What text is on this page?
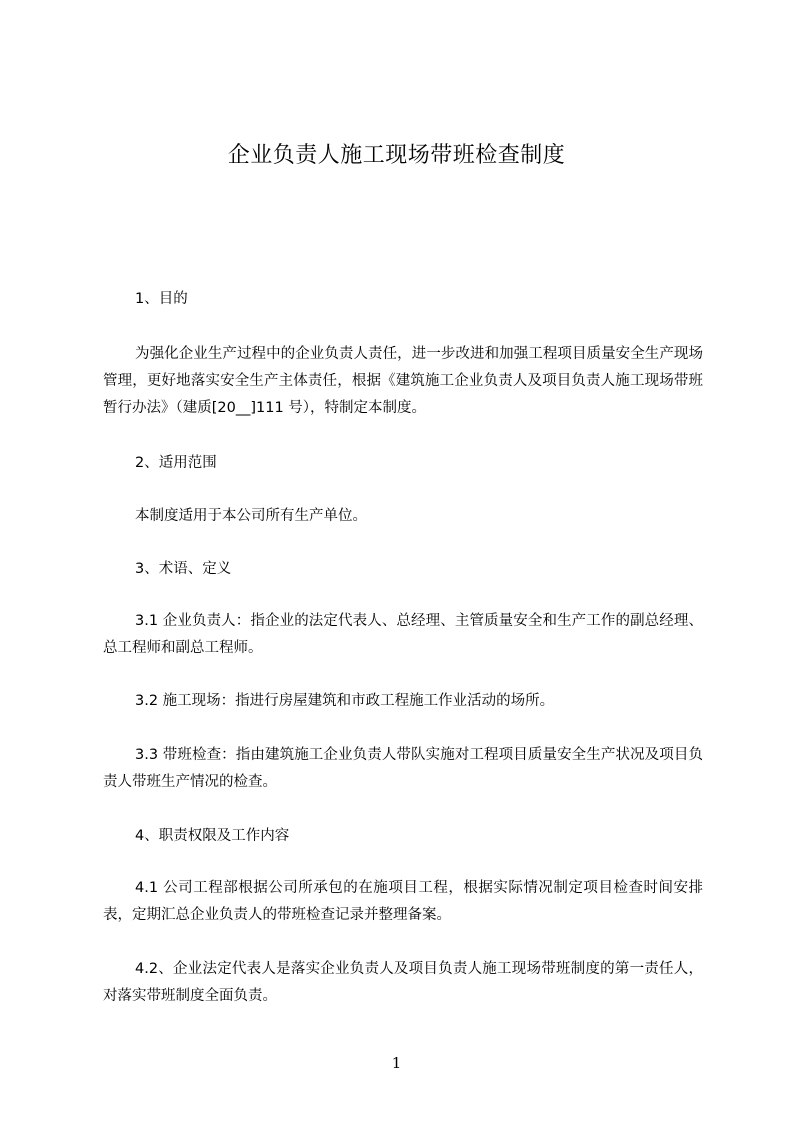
企业负责人施工现场带班检查制度

1、目的

为强化企业生产过程中的企业负责人责任，进一步改进和加强工程项目质量安全生产现场管理，更好地落实安全生产主体责任，根据《建筑施工企业负责人及项目负责人施工现场带班暂行办法》（建质[20__]111 号），特制定本制度。

2、适用范围

本制度适用于本公司所有生产单位。

3、术语、定义

3.1 企业负责人：指企业的法定代表人、总经理、主管质量安全和生产工作的副总经理、总工程师和副总工程师。

3.2 施工现场：指进行房屋建筑和市政工程施工作业活动的场所。

3.3 带班检查：指由建筑施工企业负责人带队实施对工程项目质量安全生产状况及项目负责人带班生产情况的检查。

4、职责权限及工作内容

4.1 公司工程部根据公司所承包的在施项目工程，根据实际情况制定项目检查时间安排表，定期汇总企业负责人的带班检查记录并整理备案。

4.2、企业法定代表人是落实企业负责人及项目负责人施工现场带班制度的第一责任人，对落实带班制度全面负责。

1
